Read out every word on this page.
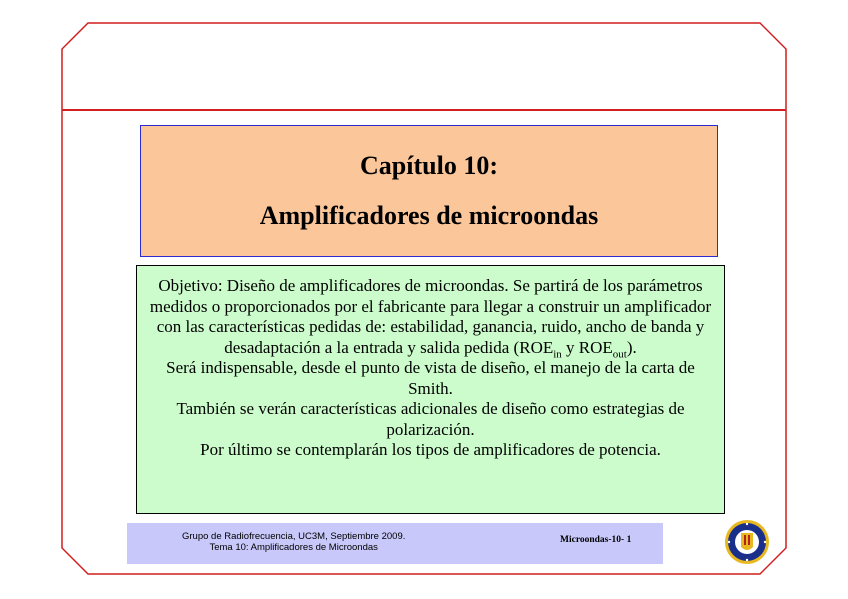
Capítulo 10:
Amplificadores de microondas

Objetivo: Diseño de amplificadores de microondas. Se partirá de los parámetros medidos o proporcionados por el fabricante para llegar a construir un amplificador con las características pedidas de: estabilidad, ganancia, ruido, ancho de banda y desadaptación a la entrada y salida pedida ($ROE_{in}$ y $ROE_{out}$).

Será indispensable, desde el punto de vista de diseño, el manejo de la carta de Smith.

También se verán características adicionales de diseño como estrategias de polarización.

Por último se contemplarán los tipos de amplificadores de potencia.

Grupo de Radiofrecuencia, UC3M, Septiembre 2009.
Tema 10: Amplificadores de Microondas
Microondas-10- 1
